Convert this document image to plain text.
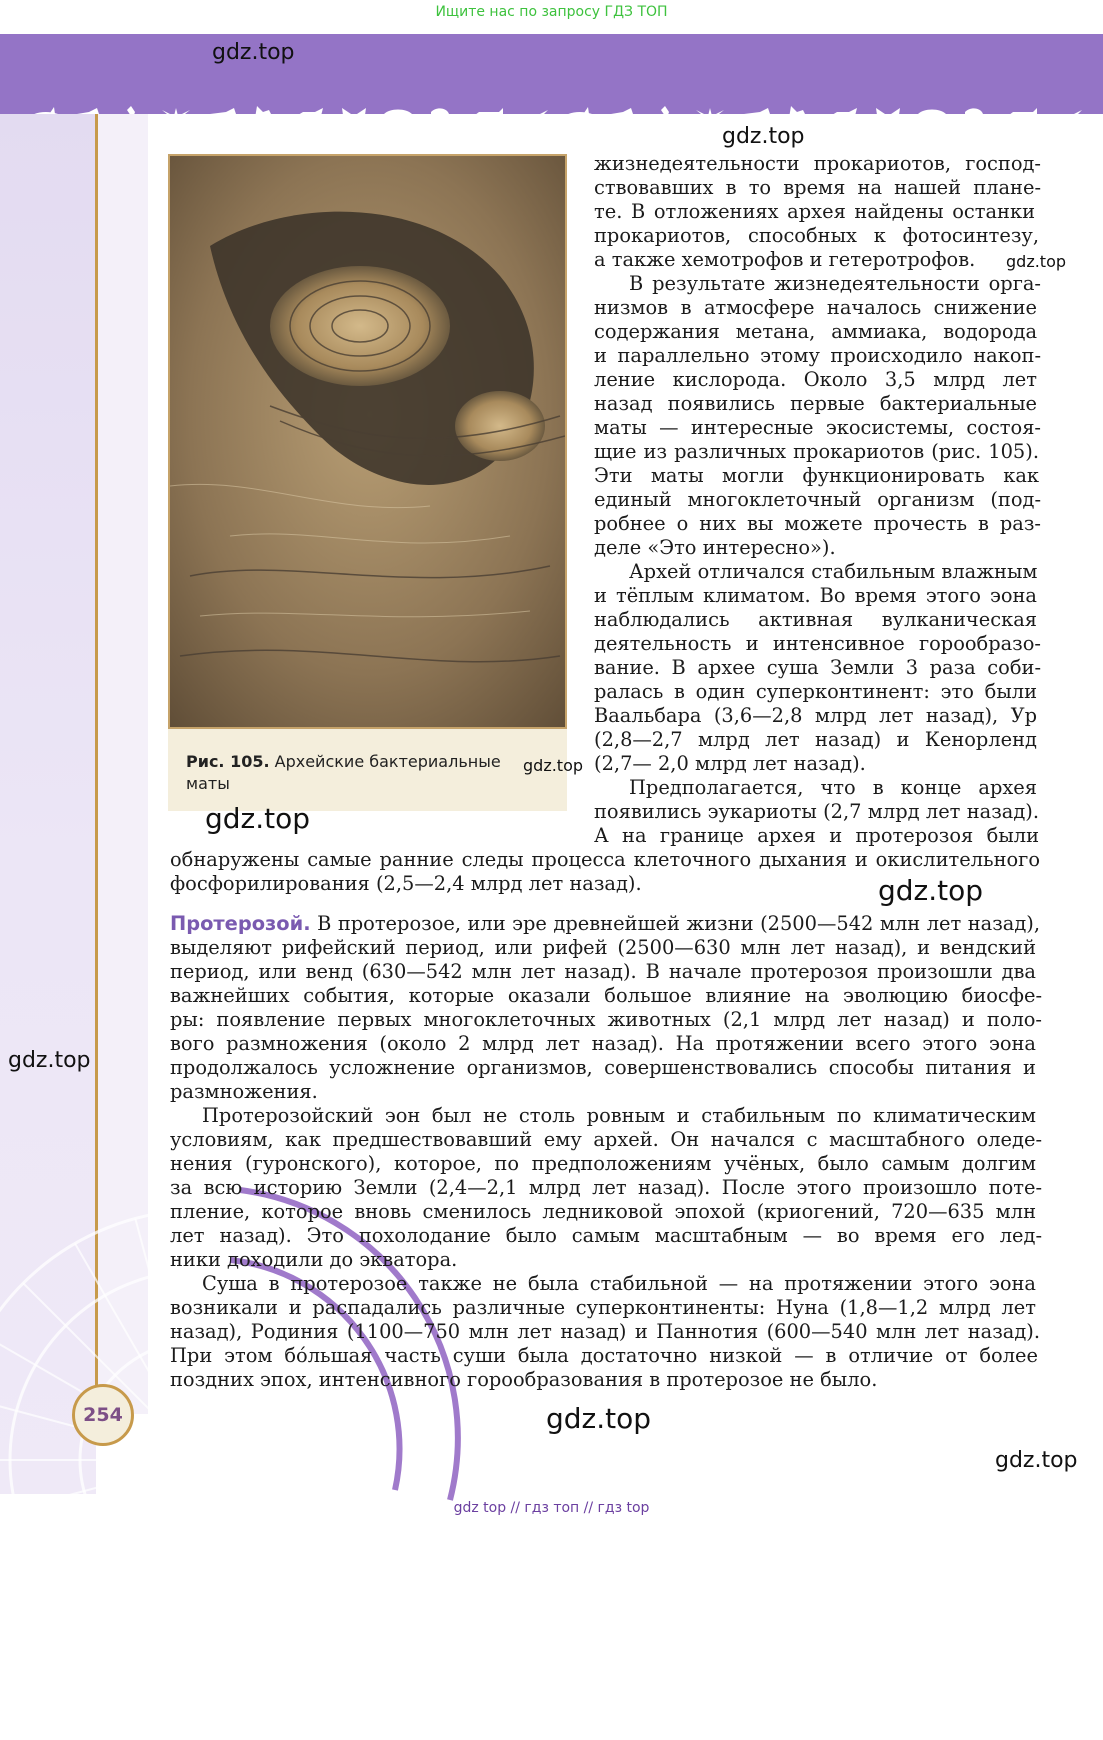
Ищите нас по запросу ГДЗ ТОП
254
Рис. 105. Архейские бактериальные
маты
жизнедеятельности прокариотов, господ-
ствовавших в то время на нашей плане-
те. В отложениях архея найдены останки
прокариотов, способных к фотосинтезу,
а также хемотрофов и гетеротрофов.
В результате жизнедеятельности орга-
низмов в атмосфере началось снижение
содержания метана, аммиака, водорода
и параллельно этому происходило накоп-
ление кислорода. Около 3,5 млрд лет
назад появились первые бактериальные
маты — интересные экосистемы, состоя-
щие из различных прокариотов (рис. 105).
Эти маты могли функционировать как
единый многоклеточный организм (под-
робнее о них вы можете прочесть в раз-
деле «Это интересно»).
Архей отличался стабильным влажным
и тёплым климатом. Во время этого эона
наблюдались активная вулканическая
деятельность и интенсивное горообразо-
вание. В архее суша Земли 3 раза соби-
ралась в один суперконтинент: это были
Ваальбара (3,6—2,8 млрд лет назад), Ур
(2,8—2,7 млрд лет назад) и Кенорленд
(2,7— 2,0 млрд лет назад).
Предполагается, что в конце архея
появились эукариоты (2,7 млрд лет назад).
А на границе архея и протерозоя были
обнаружены самые ранние следы процесса клеточного дыхания и окислительного
фосфорилирования (2,5—2,4 млрд лет назад).
Протерозой. В протерозое, или эре древнейшей жизни (2500—542 млн лет назад),
выделяют рифейский период, или рифей (2500—630 млн лет назад), и вендский
период, или венд (630—542 млн лет назад). В начале протерозоя произошли два
важнейших события, которые оказали большое влияние на эволюцию биосфе-
ры: появление первых многоклеточных животных (2,1 млрд лет назад) и поло-
вого размножения (около 2 млрд лет назад). На протяжении всего этого эона
продолжалось усложнение организмов, совершенствовались способы питания и
размножения.
Протерозойский эон был не столь ровным и стабильным по климатическим
условиям, как предшествовавший ему архей. Он начался с масштабного оледе-
нения (гуронского), которое, по предположениям учёных, было самым долгим
за всю историю Земли (2,4—2,1 млрд лет назад). После этого произошло поте-
пление, которое вновь сменилось ледниковой эпохой (криогений, 720—635 млн
лет назад). Это похолодание было самым масштабным — во время его лед-
ники доходили до экватора.
Суша в протерозое также не была стабильной — на протяжении этого эона
возникали и распадались различные суперконтиненты: Нуна (1,8—1,2 млрд лет
назад), Родиния (1100—750 млн лет назад) и Паннотия (600—540 млн лет назад).
При этом бо́льшая часть суши была достаточно низкой — в отличие от более
поздних эпох, интенсивного горообразования в протерозое не было.
gdz.top
gdz.top
gdz.top
gdz.top
gdz.top
gdz.top
gdz.top
gdz.top
gdz.top
gdz top // гдз топ // гдз top
